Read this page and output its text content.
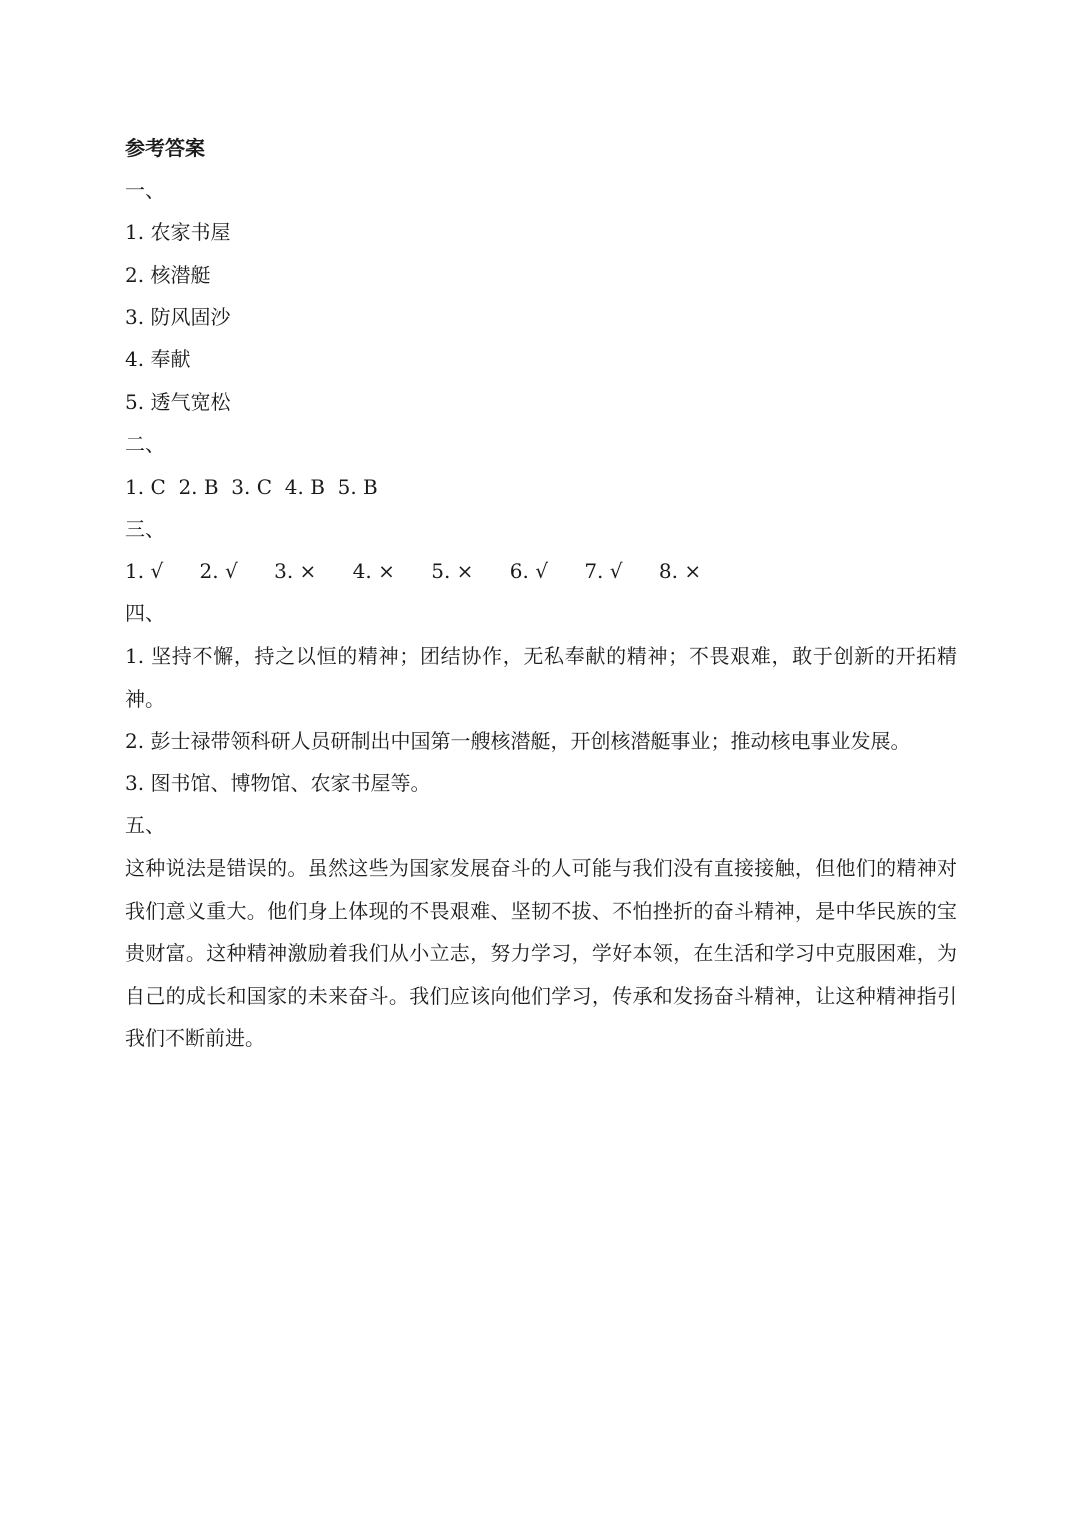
参考答案
一、
1. 农家书屋
2. 核潜艇
3. 防风固沙
4. 奉献
5. 透气宽松
二、
1. C  2. B  3. C  4. B  5. B
三、
1. √ 2. √ 3. × 4. × 5. × 6. √ 7. √ 8. ×
四、
1. 坚持不懈，持之以恒的精神；团结协作，无私奉献的精神；不畏艰难，敢于创新的开拓精神。
2. 彭士禄带领科研人员研制出中国第一艘核潜艇，开创核潜艇事业；推动核电事业发展。
3. 图书馆、博物馆、农家书屋等。
五、
这种说法是错误的。虽然这些为国家发展奋斗的人可能与我们没有直接接触，但他们的精神对我们意义重大。他们身上体现的不畏艰难、坚韧不拔、不怕挫折的奋斗精神，是中华民族的宝贵财富。这种精神激励着我们从小立志，努力学习，学好本领，在生活和学习中克服困难，为自己的成长和国家的未来奋斗。我们应该向他们学习，传承和发扬奋斗精神，让这种精神指引我们不断前进。
